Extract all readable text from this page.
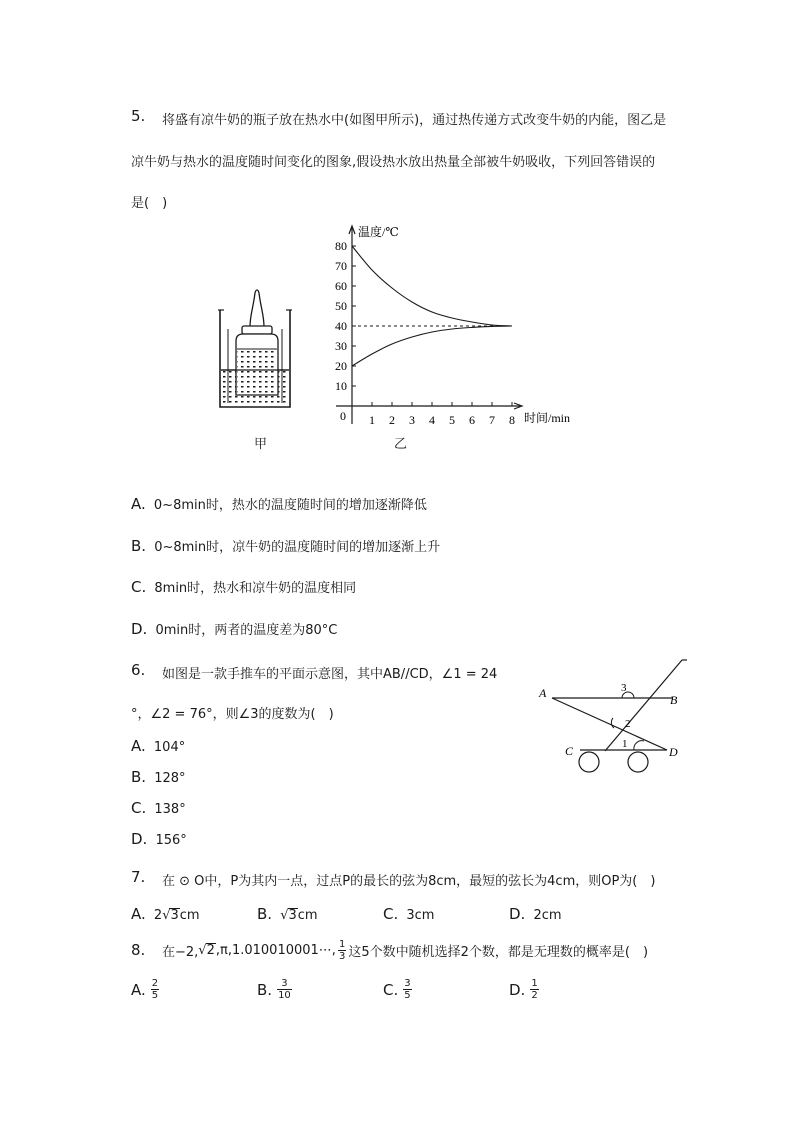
5. 将盛有凉牛奶的瓶子放在热水中(如图甲所示)，通过热传递方式改变牛奶的内能，图乙是
凉牛奶与热水的温度随时间变化的图象,假设热水放出热量全部被牛奶吸收，下列回答错误的
是(　)
甲
10
20
30
40
50
60
70
80
1 2 3 4 5 6 7 8
0
温度/℃
时间/min
乙
A. 0~8min时，热水的温度随时间的增加逐渐降低
B. 0~8min时，凉牛奶的温度随时间的增加逐渐上升
C. 8min时，热水和凉牛奶的温度相同
D. 0min时，两者的温度差为80°C
6. 如图是一款手推车的平面示意图，其中AB//CD，∠1 = 24
°，∠2 = 76°，则∠3的度数为(　)
A	B
C	D
1
2
3
A. 104°
B. 128°
C. 138°
D. 156°
7. 在 ⊙ O中，P为其内一点，过点P的最长的弦为8cm，最短的弦长为4cm，则OP为(　)
A. 2√3cm	B. √3cm	C. 3cm	D. 2cm
8. 在−2, √ 2 ,π,1.010010001⋯, $\frac{1}{3}$ 这5个数中随机选择2个数，都是无理数的概率是(　)
A. $\frac{2}{5}$	B. $\frac{3}{10}$	C. $\frac{3}{5}$	D. $\frac{1}{2}$
